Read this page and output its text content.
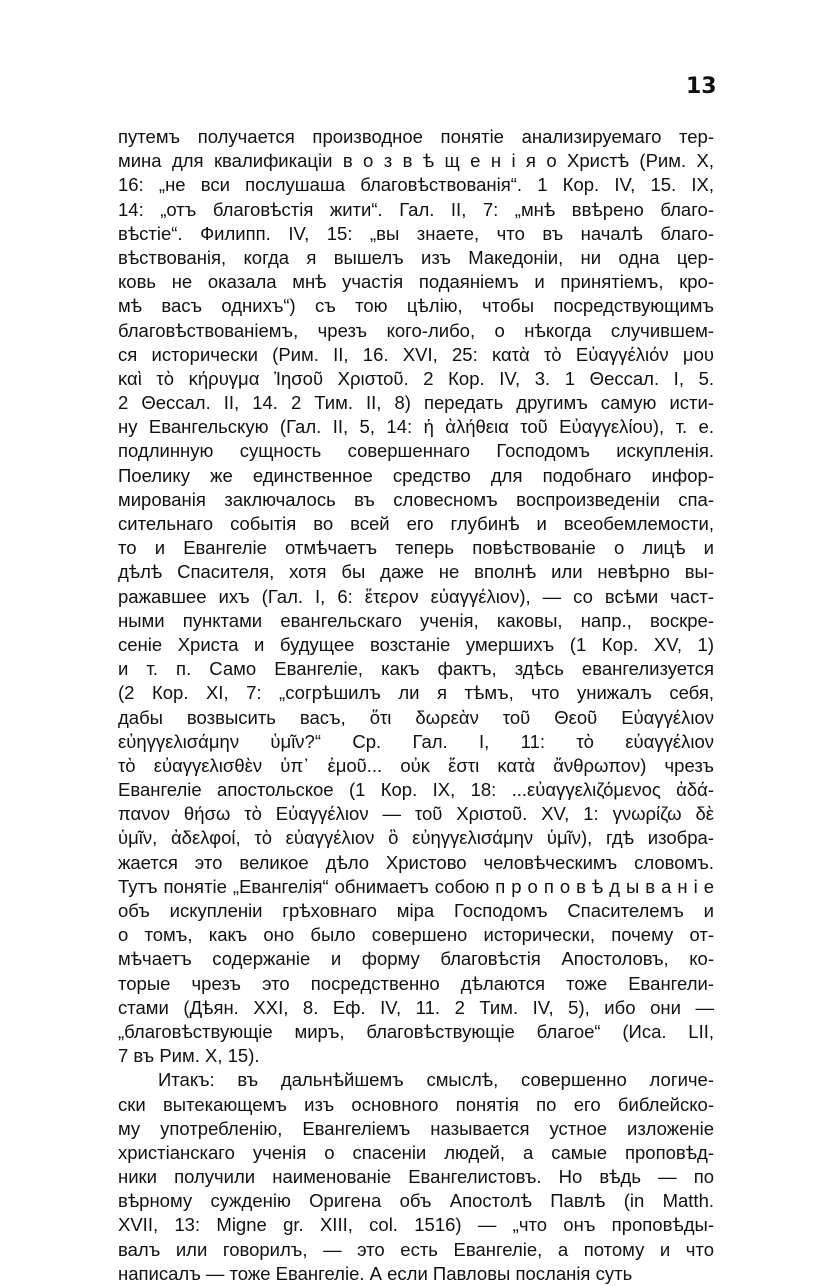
13
путемъ получается производное понятіе анализируемаго тер-
мина для квалификаціи в о з в ѣ щ е н і я о Христѣ (Рим. X,
16: „не вси послушаша благовѣствованія“. 1 Кор. IV, 15. IX,
14: „отъ благовѣстія жити“. Гал. II, 7: „мнѣ ввѣрено благо-
вѣстіе“. Филипп. IV, 15: „вы знаете, что въ началѣ благо-
вѣствованія, когда я вышелъ изъ Македоніи, ни одна цер-
ковь не оказала мнѣ участія подаяніемъ и принятіемъ, кро-
мѣ васъ однихъ“) съ тою цѣлію, чтобы посредствующимъ
благовѣствованіемъ, чрезъ кого-либо, о нѣкогда случившем-
ся исторически (Рим. II, 16. XVI, 25: κατὰ τὸ Εὐαγγέλιόν μου
καὶ τὸ κήρυγμα Ἰησοῦ Χριστοῦ. 2 Кор. IV, 3. 1 Θессал. I, 5.
2 Θессал. II, 14. 2 Тим. II, 8) передать другимъ самую исти-
ну Евангельскую (Гал. II, 5, 14: ἡ ἀλήθεια τοῦ Εὐαγγελίου), т. е.
подлинную сущность совершеннаго Господомъ искупленія.
Поелику же единственное средство для подобнаго инфор-
мированія заключалось въ словесномъ воспроизведеніи спа-
сительнаго событія во всей его глубинѣ и всеобемлемости,
то и Евангеліе отмѣчаетъ теперь повѣствованіе о лицѣ и
дѣлѣ Спасителя, хотя бы даже не вполнѣ или невѣрно вы-
ражавшее ихъ (Гал. I, 6: ἕτερον εὐαγγέλιον), — со всѣми част-
ными пунктами евангельскаго ученія, каковы, напр., воскре-
сеніе Христа и будущее возстаніе умершихъ (1 Кор. XV, 1)
и т. п. Само Евангеліе, какъ фактъ, здѣсь евангелизуется
(2 Кор. XI, 7: „согрѣшилъ ли я тѣмъ, что унижалъ себя,
дабы возвысить васъ, ὅτι δωρεὰν τοῦ Θεοῦ Εὐαγγέλιον
εὐηγγελισάμην ὑμῖν?“ Ср. Гал. I, 11: τὸ εὐαγγέλιον
τὸ εὐαγγελισθὲν ὑπ᾽ ἐμοῦ... οὐκ ἔστι κατὰ ἄνθρωπον) чрезъ
Евангеліе апостольское (1 Кор. IX, 18: ...εὐαγγελιζόμενος ἀδά-
πανον θήσω τὸ Εὐαγγέλιον — τοῦ Χριστοῦ. XV, 1: γνωρίζω δὲ
ὑμῖν, ἀδελφοί, τὸ εὐαγγέλιον ὃ εὐηγγελισάμην ὑμῖν), гдѣ изобра-
жается это великое дѣло Христово человѣческимъ словомъ.
Тутъ понятіе „Евангелія“ обнимаетъ собою п р о п о в ѣ д ы в а н і е
объ искупленіи грѣховнаго міра Господомъ Спасителемъ и
о томъ, какъ оно было совершено исторически, почему от-
мѣчаетъ содержаніе и форму благовѣстія Апостоловъ, ко-
торые чрезъ это посредственно дѣлаются тоже Евангели-
стами (Дѣян. XXI, 8. Еф. IV, 11. 2 Тим. IV, 5), ибо они —
„благовѣствующіе миръ, благовѣствующіе благое“ (Иса. LII,
7 въ Рим. X, 15).
Итакъ: въ дальнѣйшемъ смыслѣ, совершенно логиче-
ски вытекающемъ изъ основного понятія по его библейско-
му употребленію, Евангеліемъ называется устное изложеніе
христіанскаго ученія о спасеніи людей, а самые проповѣд-
ники получили наименованіе Евангелистовъ. Но вѣдь — по
вѣрному сужденію Оригена объ Апостолѣ Павлѣ (in Matth.
XVII, 13: Migne gr. XIII, col. 1516) — „что онъ проповѣды-
валъ или говорилъ, — это есть Евангеліе, а потому и что
написалъ — тоже Евангеліе. А если Павловы посланія суть
